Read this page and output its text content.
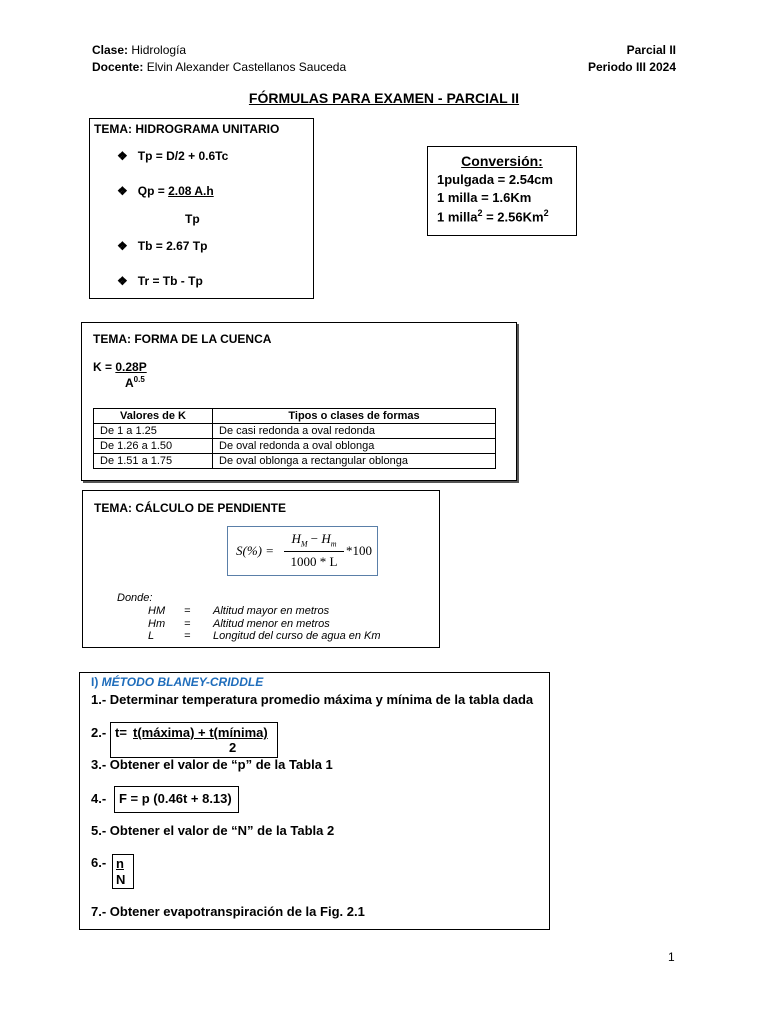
Clase: Hidrología
Docente: Elvin Alexander Castellanos Sauceda
Parcial II
Periodo III 2024
FÓRMULAS PARA EXAMEN - PARCIAL II
TEMA: HIDROGRAMA UNITARIO
❖ Tp = D/2 + 0.6Tc
❖ Qp = 2.08 A.h
Tp
❖ Tb = 2.67 Tp
❖ Tr = Tb - Tp
Conversión:
1pulgada = 2.54cm
1 milla = 1.6Km
1 milla$^2$ = $2.56Km^2$
TEMA: FORMA DE LA CUENCA
K = 0.28P
$A^{0.5}$
Valores de K	Tipos o clases de formas
De 1 a 1.25	De casi redonda a oval redonda
De 1.26 a 1.50	De oval redonda a oval oblonga
De 1.51 a 1.75	De oval oblonga a rectangular oblonga
TEMA: CÁLCULO DE PENDIENTE
S(%) =
$H_M - H_m$
1000 * L
*100
Donde:
HM = Altitud mayor en metros
Hm = Altitud menor en metros
L	= Longitud del curso de agua en Km
I) MÉTODO BLANEY-CRIDDLE
1.- Determinar temperatura promedio máxima y mínima de la tabla dada
2.- t= t(máxima) + t(mínima)
2
3.- Obtener el valor de “p” de la Tabla 1
4.- F = p (0.46t + 8.13)
5.- Obtener el valor de “N” de la Tabla 2
$6.- \frac{n}{N}$
7.- Obtener evapotranspiración de la Fig. 2.1
1
